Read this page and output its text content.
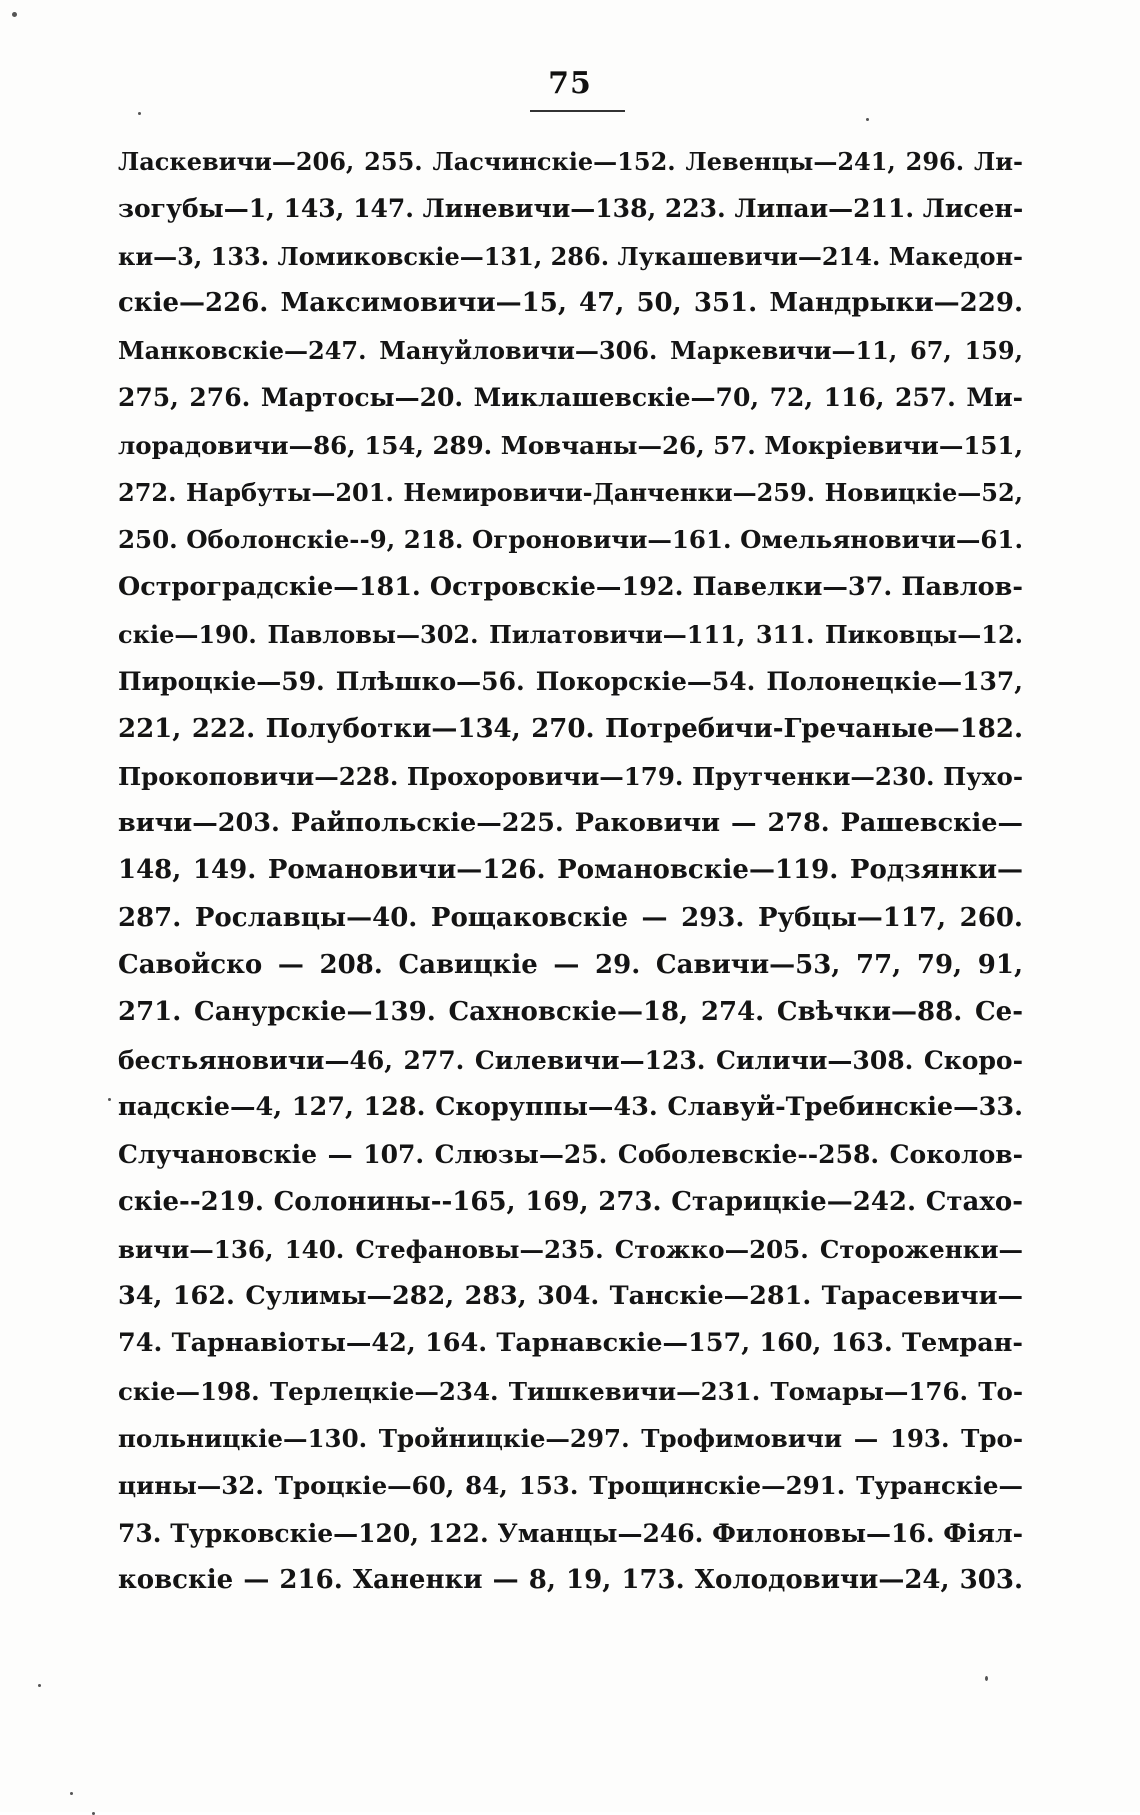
75
Ласкевичи—206, 255. Ласчинскіе—152. Левенцы—241, 296. Ли-
зогубы—1, 143, 147. Линевичи—138, 223. Липаи—211. Лисен-
ки—3, 133. Ломиковскіе—131, 286. Лукашевичи—214. Македон-
скіе—226. Максимовичи—15, 47, 50, 351. Мандрыки—229.
Манковскіе—247. Мануйловичи—306. Маркевичи—11, 67, 159,
275, 276. Мартосы—20. Миклашевскіе—70, 72, 116, 257. Ми-
лорадовичи—86, 154, 289. Мовчаны—26, 57. Мокріевичи—151,
272. Нарбуты—201. Немировичи-Данченки—259. Новицкіе—52,
250. Оболонскіе--9, 218. Огроновичи—161. Омельяновичи—61.
Остроградскіе—181. Островскіе—192. Павелки—37. Павлов-
скіе—190. Павловы—302. Пилатовичи—111, 311. Пиковцы—12.
Пироцкіе—59. Плѣшко—56. Покорскіе—54. Полонецкіе—137,
221, 222. Полуботки—134, 270. Потребичи-Гречаные—182.
Прокоповичи—228. Прохоровичи—179. Прутченки—230. Пухо-
вичи—203. Райпольскіе—225. Раковичи — 278. Рашевскіе—
148, 149. Романовичи—126. Романовскіе—119. Родзянки—
287. Рославцы—40. Рощаковскіе — 293. Рубцы—117, 260.
Савойско — 208. Савицкіе — 29. Савичи—53, 77, 79, 91,
271. Санурскіе—139. Сахновскіе—18, 274. Свѣчки—88. Се-
бестьяновичи—46, 277. Силевичи—123. Силичи—308. Скоро-
падскіе—4, 127, 128. Скоруппы—43. Славуй-Требинскіе—33.
Случановскіе — 107. Слюзы—25. Соболевскіе--258. Соколов-
скіе--219. Солонины--165, 169, 273. Старицкіе—242. Стахо-
вичи—136, 140. Стефановы—235. Стожко—205. Стороженки—
34, 162. Сулимы—282, 283, 304. Танскіе—281. Тарасевичи—
74. Тарнавіоты—42, 164. Тарнавскіе—157, 160, 163. Темран-
скіе—198. Терлецкіе—234. Тишкевичи—231. Томары—176. То-
польницкіе—130. Тройницкіе—297. Трофимовичи — 193. Тро-
цины—32. Троцкіе—60, 84, 153. Трощинскіе—291. Туранскіе—
73. Турковскіе—120, 122. Уманцы—246. Филоновы—16. Фіял-
ковскіе — 216. Ханенки — 8, 19, 173. Холодовичи—24, 303.
